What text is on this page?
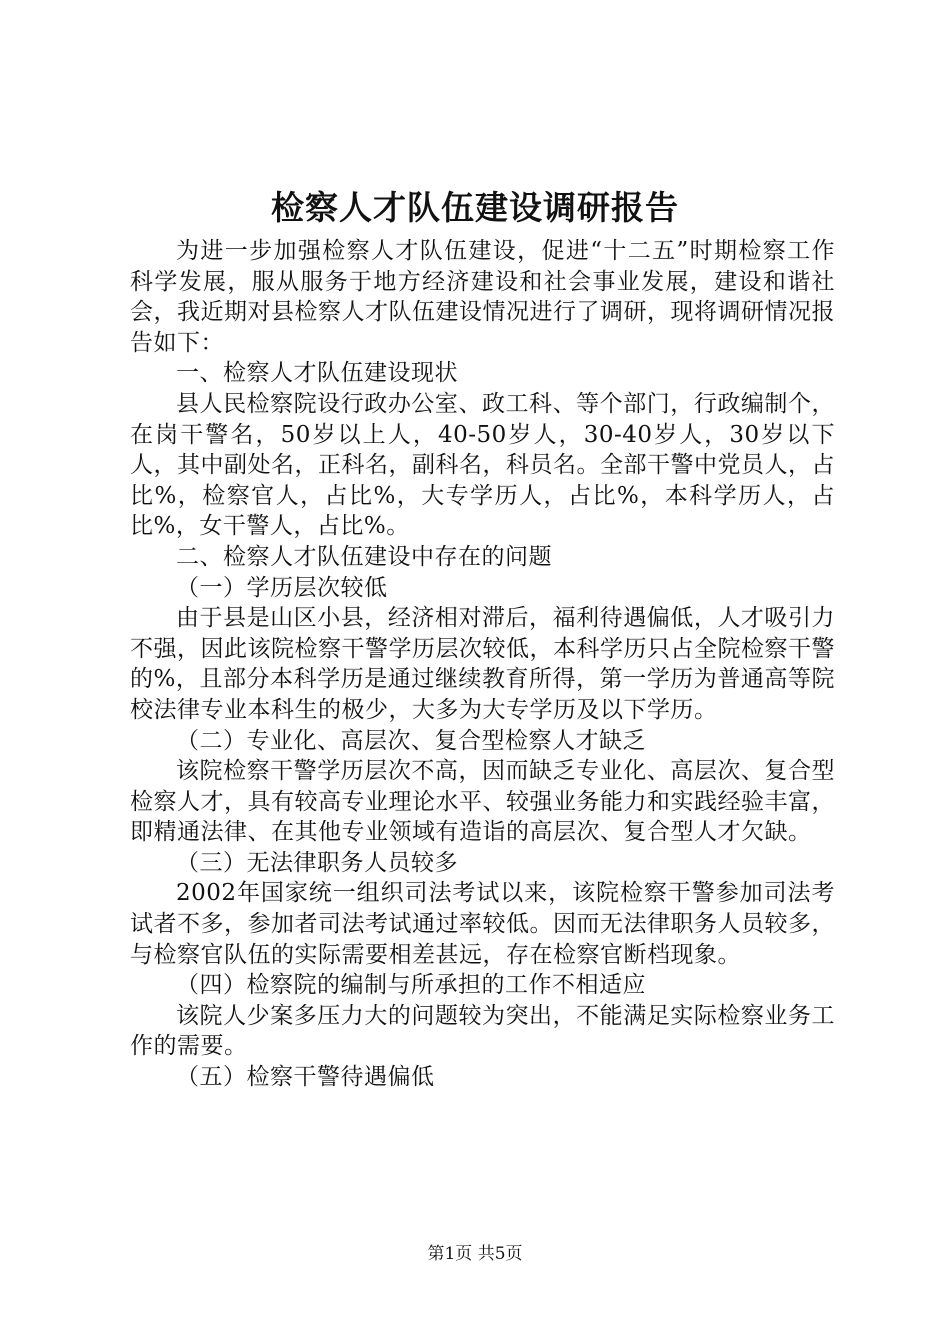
检察人才队伍建设调研报告

为进一步加强检察人才队伍建设，促进“十二五”时期检察工作科学发展，服从服务于地方经济建设和社会事业发展，建设和谐社会，我近期对县检察人才队伍建设情况进行了调研，现将调研情况报告如下：

一、检察人才队伍建设现状

县人民检察院设行政办公室、政工科、等个部门，行政编制个，在岗干警名，50岁以上人，40-50岁人，30-40岁人，30岁以下人，其中副处名，正科名，副科名，科员名。全部干警中党员人，占比%，检察官人，占比%，大专学历人，占比%，本科学历人，占比%，女干警人，占比%。

二、检察人才队伍建设中存在的问题

（一）学历层次较低

由于县是山区小县，经济相对滞后，福利待遇偏低，人才吸引力不强，因此该院检察干警学历层次较低，本科学历只占全院检察干警的%，且部分本科学历是通过继续教育所得，第一学历为普通高等院校法律专业本科生的极少，大多为大专学历及以下学历。

（二）专业化、高层次、复合型检察人才缺乏

该院检察干警学历层次不高，因而缺乏专业化、高层次、复合型检察人才，具有较高专业理论水平、较强业务能力和实践经验丰富，即精通法律、在其他专业领域有造诣的高层次、复合型人才欠缺。

（三）无法律职务人员较多

2002年国家统一组织司法考试以来，该院检察干警参加司法考试者不多，参加者司法考试通过率较低。因而无法律职务人员较多，与检察官队伍的实际需要相差甚远，存在检察官断档现象。

（四）检察院的编制与所承担的工作不相适应

该院人少案多压力大的问题较为突出，不能满足实际检察业务工作的需要。

（五）检察干警待遇偏低

第1页 共5页
